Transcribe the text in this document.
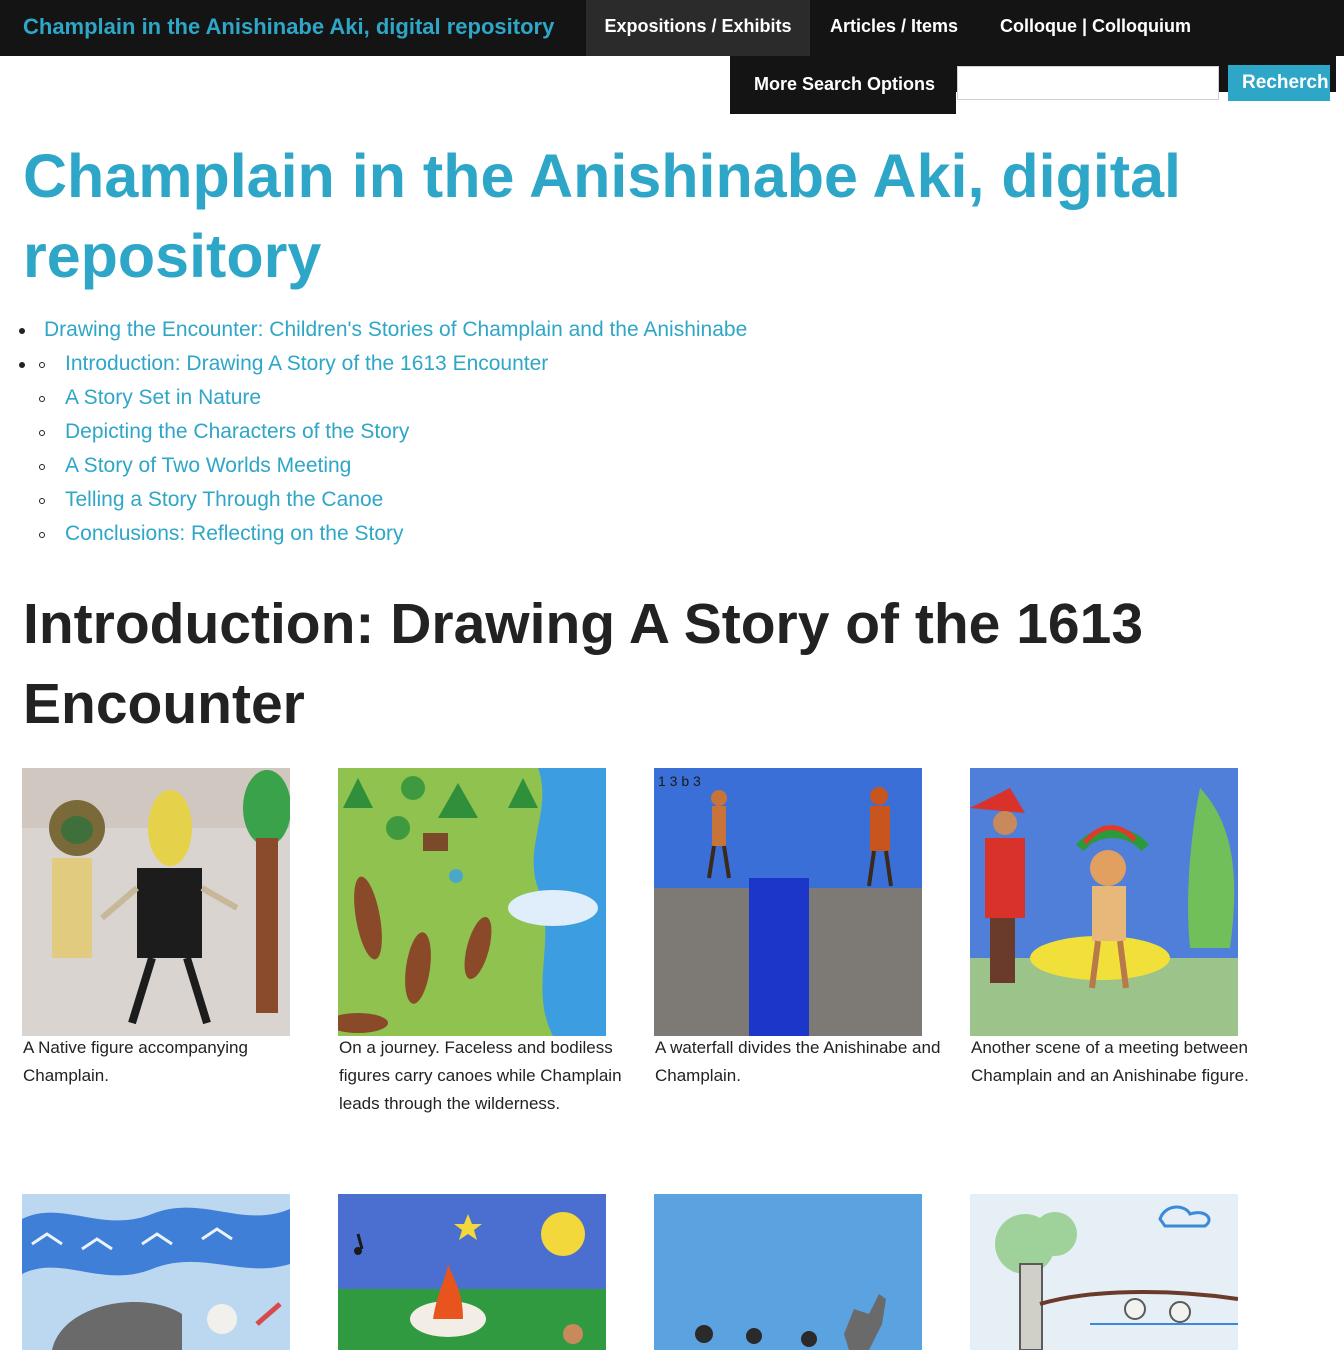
Champlain in the Anishinabe Aki, digital repository	Expositions / Exhibits	Articles / Items Colloque | Colloquium
More Search Options	Recherch
Champlain in the Anishinabe Aki, digital repository
Drawing the Encounter: Children's Stories of Champlain and the Anishinabe
Introduction: Drawing A Story of the 1613 Encounter
A Story Set in Nature
Depicting the Characters of the Story
A Story of Two Worlds Meeting
Telling a Story Through the Canoe
Conclusions: Reflecting on the Story
Introduction: Drawing A Story of the 1613 Encounter
1 3 b 3
A Native figure accompanying Champlain.
On a journey. Faceless and bodiless figures carry canoes while Champlain leads through the wilderness.
A waterfall divides the Anishinabe and Champlain.
Another scene of a meeting between Champlain and an Anishinabe figure.
